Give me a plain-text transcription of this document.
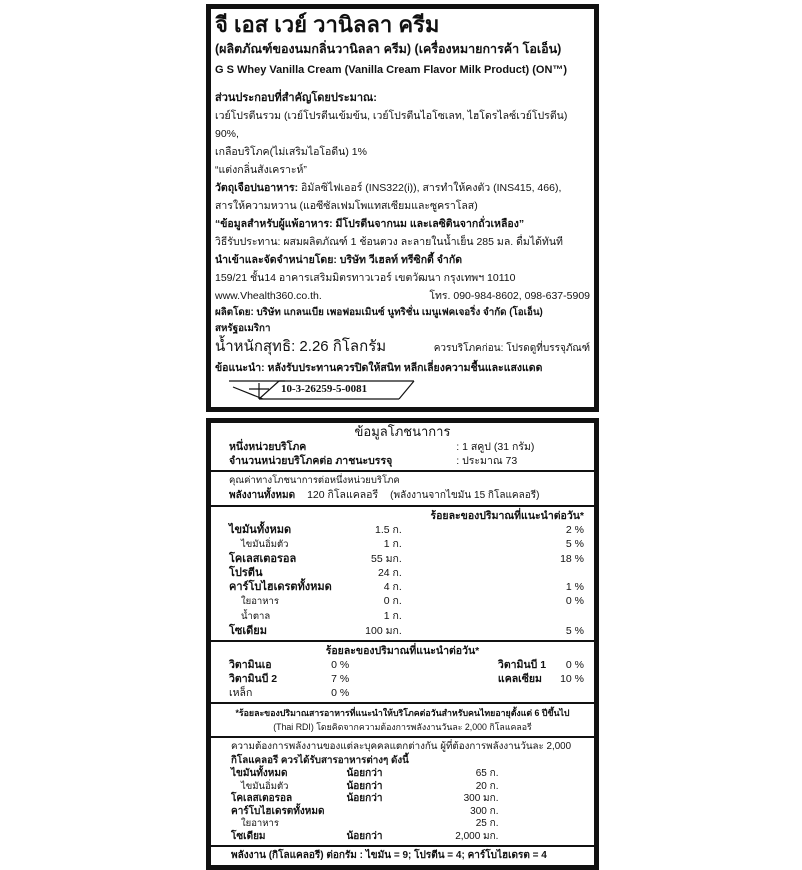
จี เอส เวย์ วานิลลา ครีม
(ผลิตภัณฑ์ของนมกลิ่นวานิลลา ครีม) (เครื่องหมายการค้า โอเอ็น)
G S Whey Vanilla Cream (Vanilla Cream Flavor Milk Product) (ON™)
ส่วนประกอบที่สำคัญโดยประมาณ:
เวย์โปรตีนรวม (เวย์โปรตีนเข้มข้น, เวย์โปรตีนไอโซเลท, ไฮโดรไลซ์เวย์โปรตีน) 90%,
เกลือบริโภค(ไม่เสริมไอโอดีน) 1%
“แต่งกลิ่นสังเคราะห์”
วัตถุเจือปนอาหาร: อิมัลซิไฟเออร์ (INS322(i)), สารทำให้คงตัว (INS415, 466),
สารให้ความหวาน (แอซีซัลเฟมโพแทสเซียมและซูคราโลส)
“ข้อมูลสำหรับผู้แพ้อาหาร: มีโปรตีนจากนม และเลซิตินจากถั่วเหลือง”
วิธีรับประทาน: ผสมผลิตภัณฑ์ 1 ช้อนตวง ละลายในน้ำเย็น 285 มล. ดื่มได้ทันที
นำเข้าและจัดจำหน่ายโดย: บริษัท วีเฮลท์ ทรีซิกตี้ จำกัด
159/21 ชั้น14 อาคารเสริมมิตรทาวเวอร์ เขตวัฒนา กรุงเทพฯ 10110
www.Vhealth360.co.th.	โทร. 090-984-8602, 098-637-5909
ผลิตโดย: บริษัท แกลนเบีย เพอฟอมเมินซ์ นูทริชั่น เมนูเฟคเจอริ่ง จำกัด (โอเอ็น) สหรัฐอเมริกา
น้ำหนักสุทธิ: 2.26 กิโลกรัม	ควรบริโภคก่อน: โปรดดูที่บรรจุภัณฑ์
ข้อแนะนำ: หลังรับประทานควรปิดให้สนิท หลีกเลี่ยงความชื้นและแสงแดด
10-3-26259-5-0081
ข้อมูลโภชนาการ
หนึ่งหน่วยบริโภค	: 1 สคูป (31 กรัม)
จำนวนหน่วยบริโภคต่อ ภาชนะบรรจุ	: ประมาณ 73
คุณค่าทางโภชนาการต่อหนึ่งหน่วยบริโภค
พลังงานทั้งหมด 120 กิโลแคลอรี (พลังงานจากไขมัน 15 กิโลแคลอรี)
ร้อยละของปริมาณที่แนะนำต่อวัน*
ไขมันทั้งหมด	1.5 ก.	2 %
ไขมันอิ่มตัว	1 ก.	5 %
โคเลสเตอรอล	55 มก.	18 %
โปรตีน	24 ก.
คาร์โบไฮเดรตทั้งหมด	4 ก.	1 %
ใยอาหาร	0 ก.	0 %
น้ำตาล	1 ก.
โซเดียม	100 มก.	5 %
ร้อยละของปริมาณที่แนะนำต่อวัน*
วิตามินเอ	0 %	วิตามินบี 1	0 %
วิตามินบี 2	7 %	แคลเซียม	10 %
เหล็ก	0 %
*ร้อยละของปริมาณสารอาหารที่แนะนำให้บริโภคต่อวันสำหรับคนไทยอายุตั้งแต่ 6 ปีขึ้นไป
(Thai RDI) โดยคิดจากความต้องการพลังงานวันละ 2,000 กิโลแคลอรี
ความต้องการพลังงานของแต่ละบุคคลแตกต่างกัน ผู้ที่ต้องการพลังงานวันละ 2,000
กิโลแคลอรี ควรได้รับสารอาหารต่างๆ ดังนี้
ไขมันทั้งหมด	น้อยกว่า	65 ก.
ไขมันอิ่มตัว	น้อยกว่า	20 ก.
โคเลสเตอรอล	น้อยกว่า	300 มก.
คาร์โบไฮเดรตทั้งหมด	300 ก.
ใยอาหาร	25 ก.
โซเดียม	น้อยกว่า	2,000 มก.
พลังงาน (กิโลแคลอรี) ต่อกรัม : ไขมัน = 9; โปรตีน = 4; คาร์โบไฮเดรต = 4
